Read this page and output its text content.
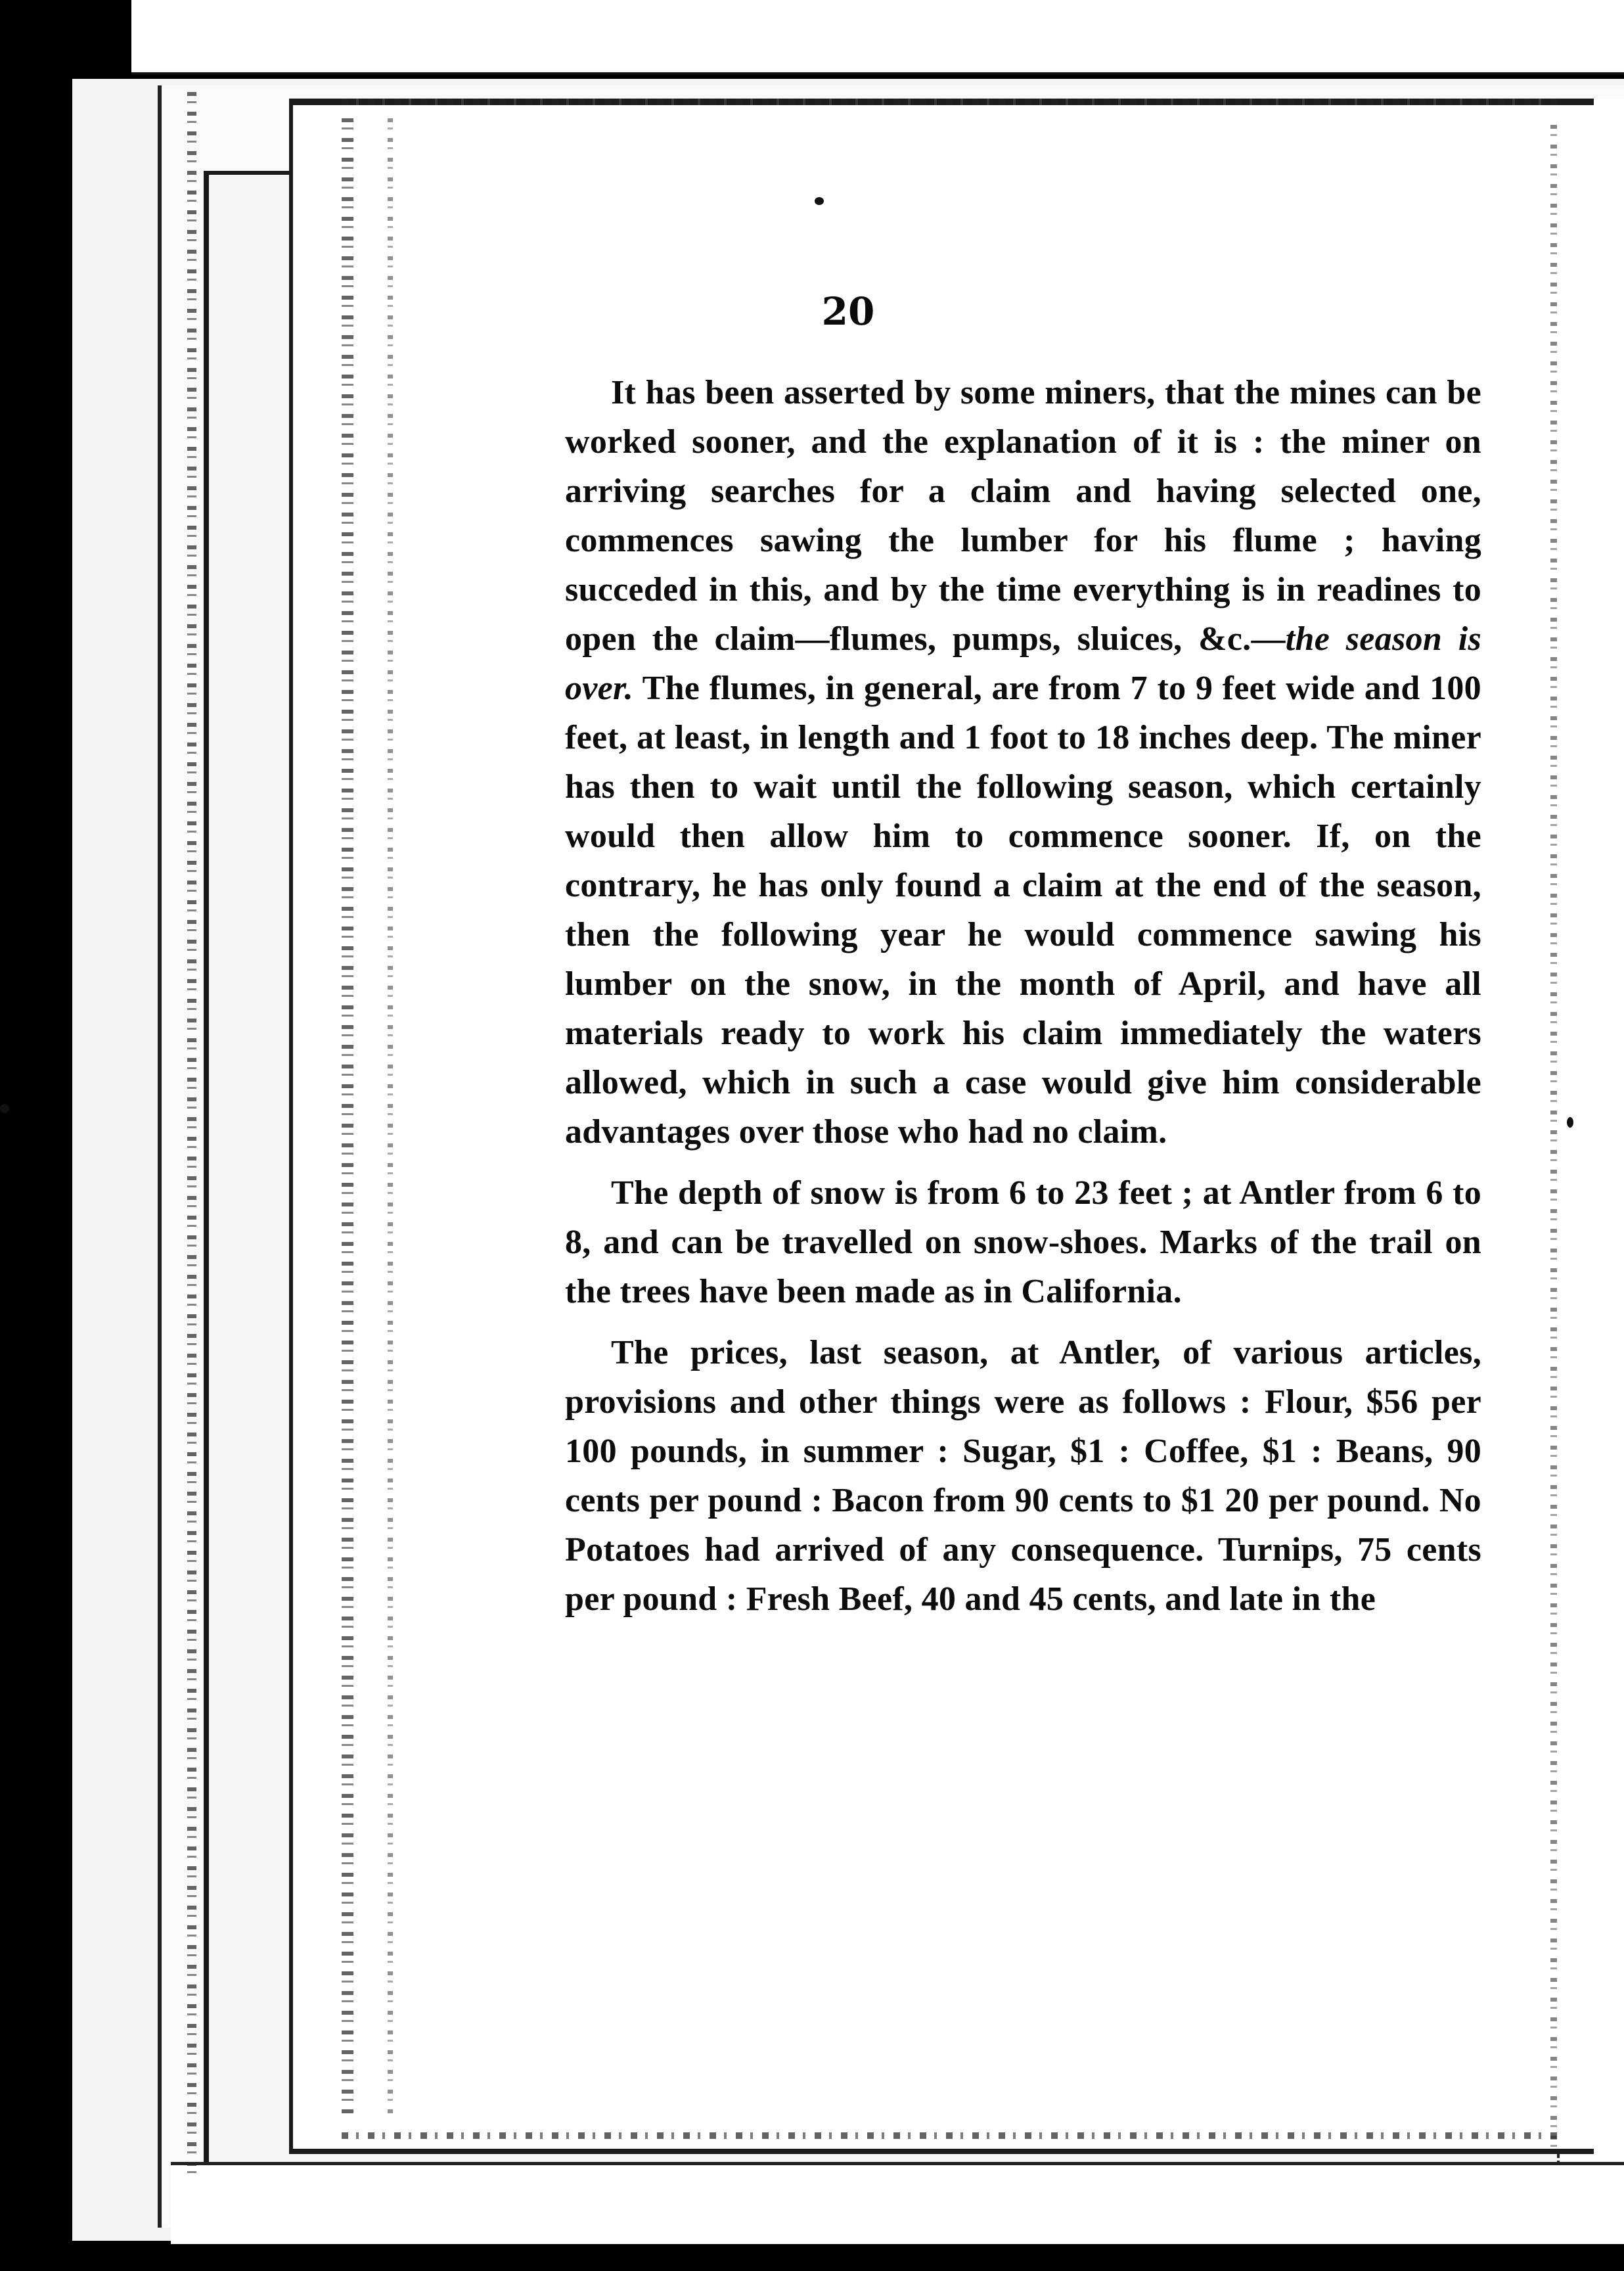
20

It has been asserted by some miners, that the mines can be worked sooner, and the explanation of it is : the miner on arriving searches for a claim and having selected one, commences sawing the lumber for his flume ; having succeded in this, and by the time everything is in readines to open the claim—flumes, pumps, sluices, &c.—the season is over. The flumes, in general, are from 7 to 9 feet wide and 100 feet, at least, in length and 1 foot to 18 inches deep. The miner has then to wait until the following season, which certainly would then allow him to commence sooner. If, on the contrary, he has only found a claim at the end of the season, then the following year he would commence sawing his lumber on the snow, in the month of April, and have all materials ready to work his claim immediately the waters allowed, which in such a case would give him considerable advantages over those who had no claim.

The depth of snow is from 6 to 23 feet ; at Antler from 6 to 8, and can be travelled on snow-shoes. Marks of the trail on the trees have been made as in California.

The prices, last season, at Antler, of various articles, provisions and other things were as follows : Flour, $56 per 100 pounds, in summer : Sugar, $1 : Coffee, $1 : Beans, 90 cents per pound : Bacon from 90 cents to $1 20 per pound. No Potatoes had arrived of any consequence. Turnips, 75 cents per pound : Fresh Beef, 40 and 45 cents, and late in the
